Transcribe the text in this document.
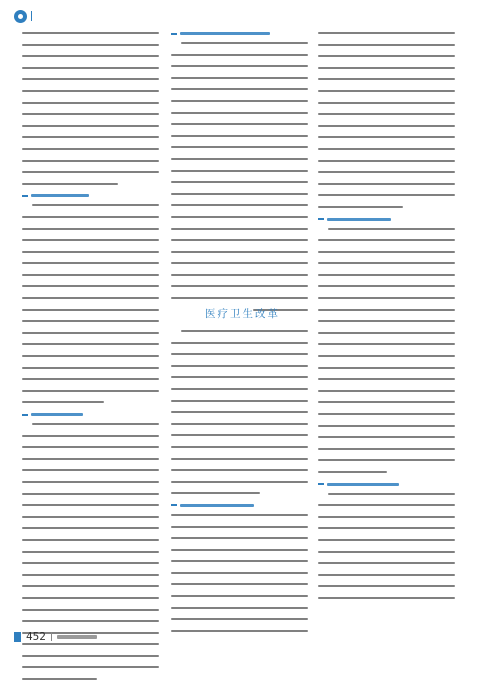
医疗卫生改革
452
